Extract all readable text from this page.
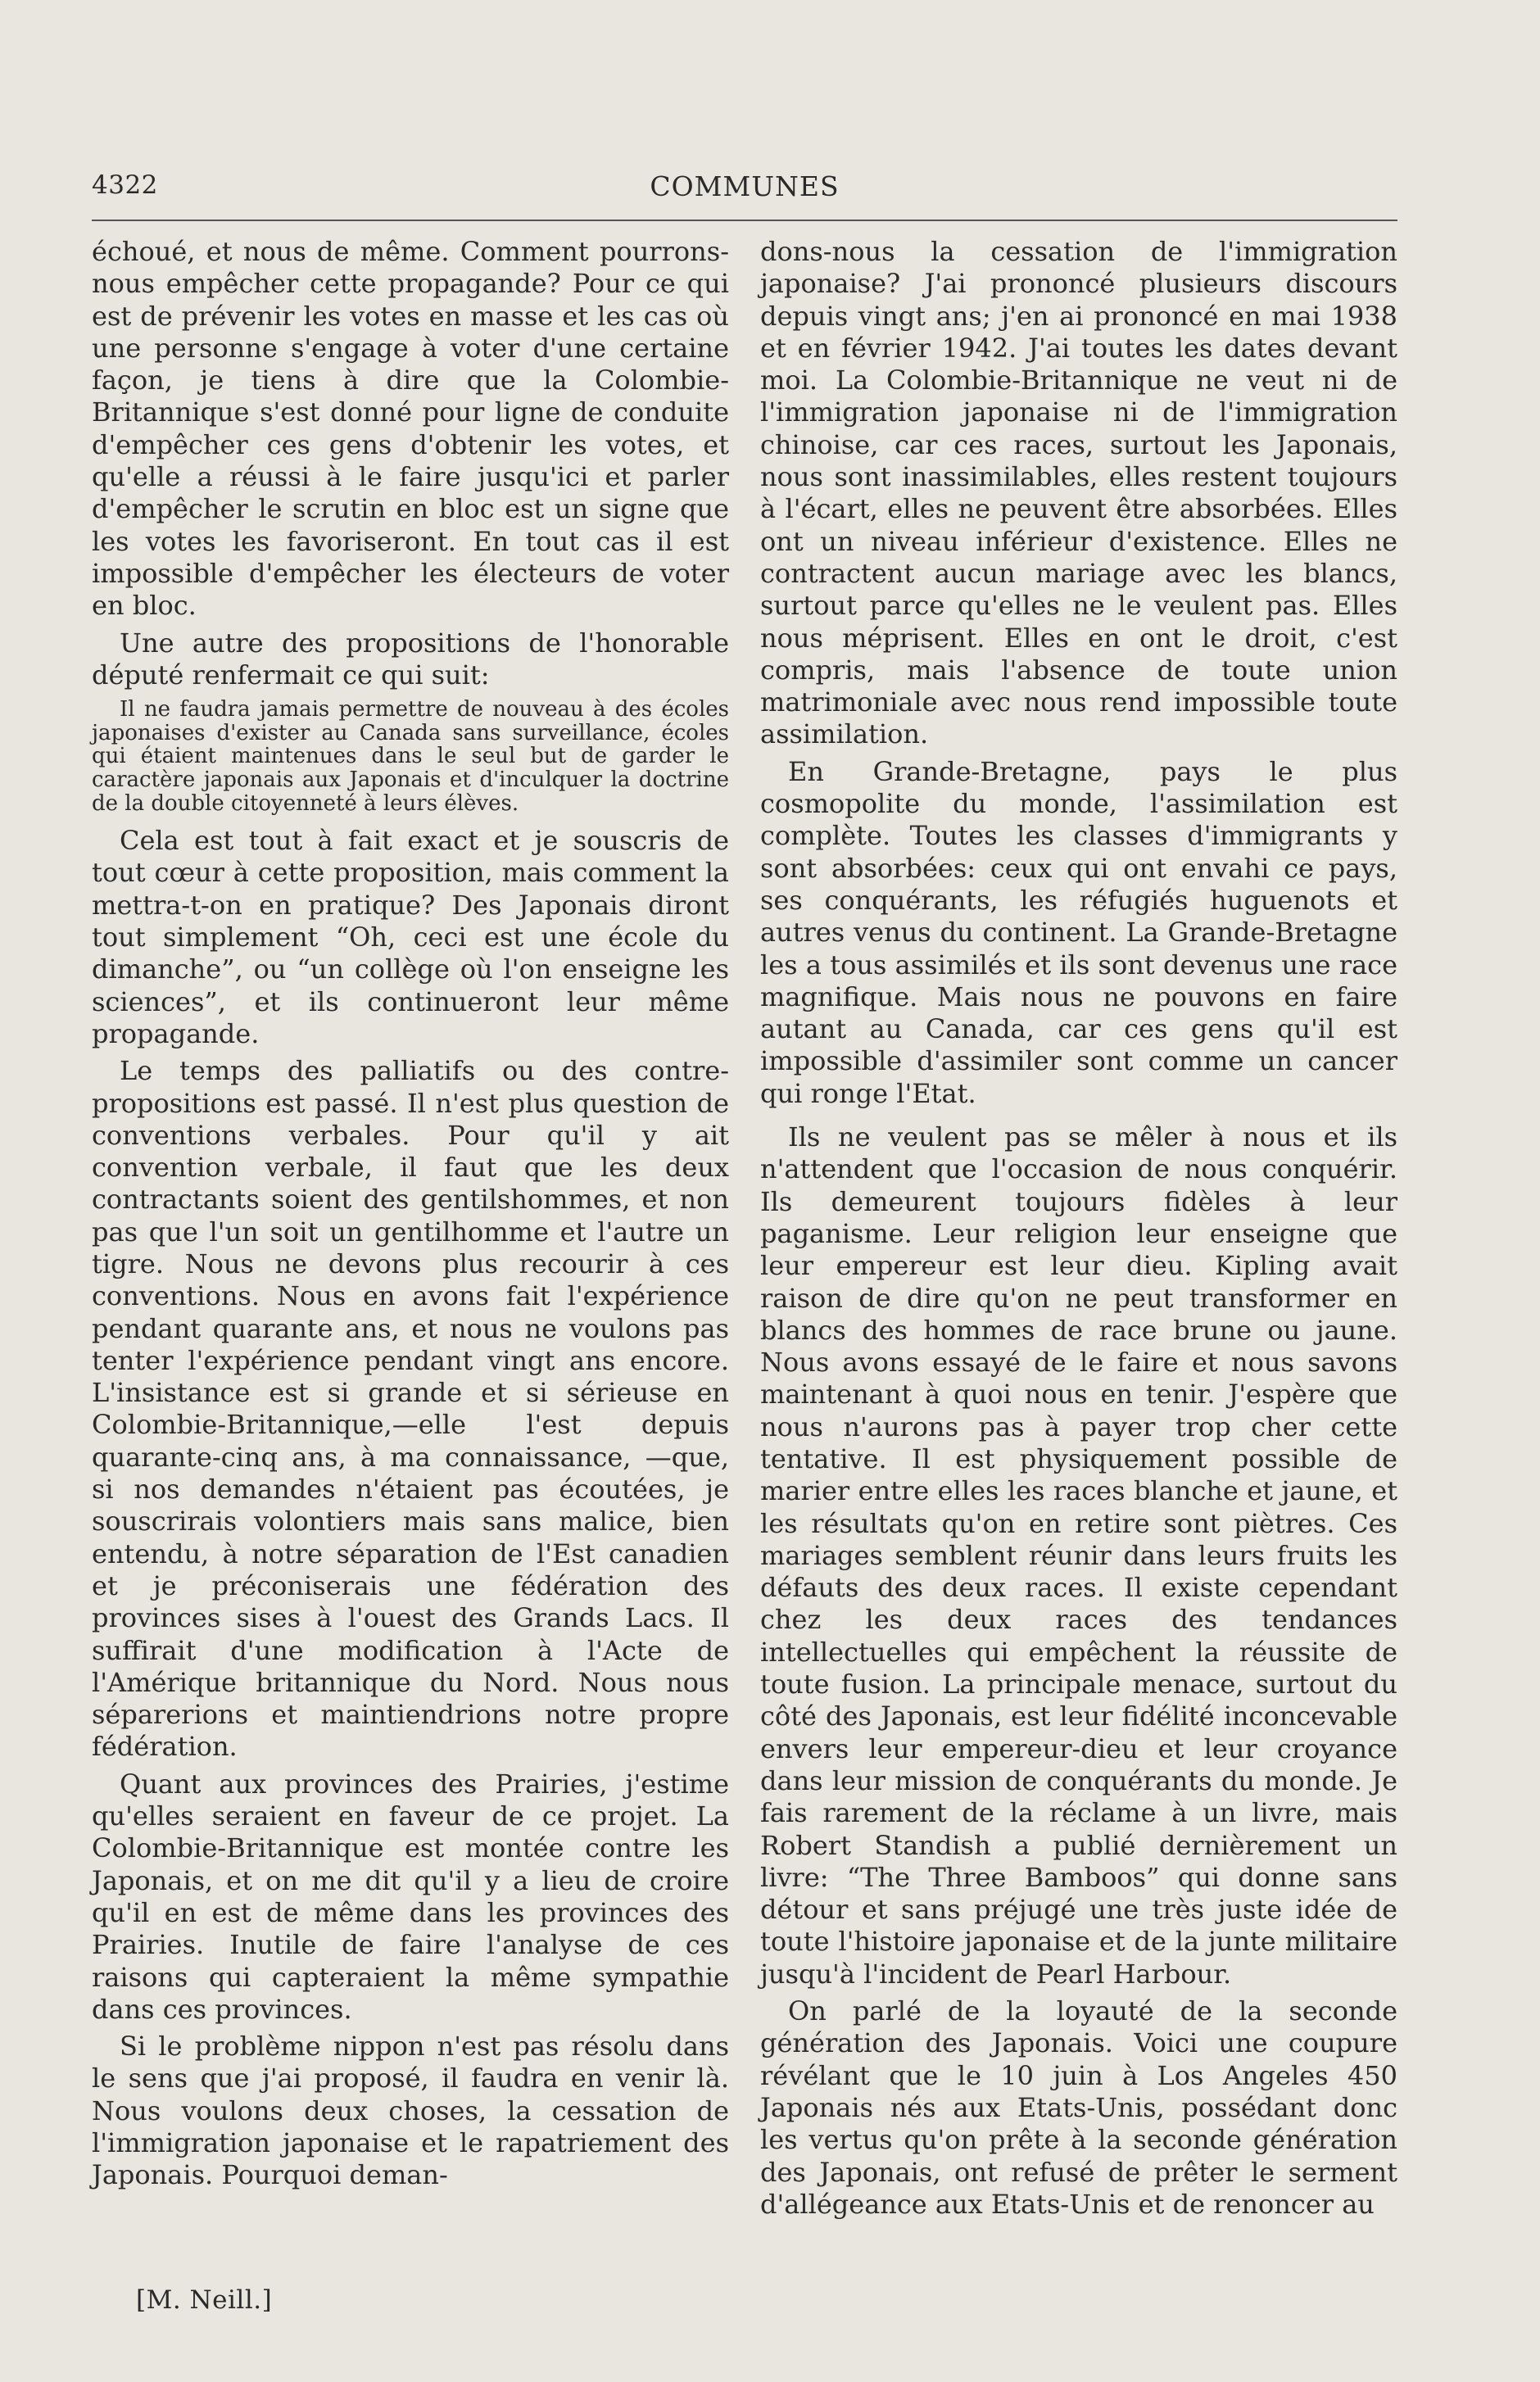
4322	COMMUNES

échoué, et nous de même. Comment pourrons-nous empêcher cette propagande? Pour ce qui est de prévenir les votes en masse et les cas où une personne s'engage à voter d'une certaine façon, je tiens à dire que la Colombie-Britannique s'est donné pour ligne de conduite d'empêcher ces gens d'obtenir les votes, et qu'elle a réussi à le faire jusqu'ici et parler d'empêcher le scrutin en bloc est un signe que les votes les favoriseront. En tout cas il est impossible d'empêcher les électeurs de voter en bloc.

Une autre des propositions de l'honorable député renfermait ce qui suit:

Il ne faudra jamais permettre de nouveau à des écoles japonaises d'exister au Canada sans surveillance, écoles qui étaient maintenues dans le seul but de garder le caractère japonais aux Japonais et d'inculquer la doctrine de la double citoyenneté à leurs élèves.

Cela est tout à fait exact et je souscris de tout cœur à cette proposition, mais comment la mettra-t-on en pratique? Des Japonais diront tout simplement “Oh, ceci est une école du dimanche”, ou “un collège où l'on enseigne les sciences”, et ils continueront leur même propagande.

Le temps des palliatifs ou des contre-propositions est passé. Il n'est plus question de conventions verbales. Pour qu'il y ait convention verbale, il faut que les deux contractants soient des gentilshommes, et non pas que l'un soit un gentilhomme et l'autre un tigre. Nous ne devons plus recourir à ces conventions. Nous en avons fait l'expérience pendant quarante ans, et nous ne voulons pas tenter l'expérience pendant vingt ans encore. L'insistance est si grande et si sérieuse en Colombie-Britannique,—elle l'est depuis quarante-cinq ans, à ma connaissance, —que, si nos demandes n'étaient pas écoutées, je souscrirais volontiers mais sans malice, bien entendu, à notre séparation de l'Est canadien et je préconiserais une fédération des provinces sises à l'ouest des Grands Lacs. Il suffirait d'une modification à l'Acte de l'Amérique britannique du Nord. Nous nous séparerions et maintiendrions notre propre fédération.

Quant aux provinces des Prairies, j'estime qu'elles seraient en faveur de ce projet. La Colombie-Britannique est montée contre les Japonais, et on me dit qu'il y a lieu de croire qu'il en est de même dans les provinces des Prairies. Inutile de faire l'analyse de ces raisons qui capteraient la même sympathie dans ces provinces.

Si le problème nippon n'est pas résolu dans le sens que j'ai proposé, il faudra en venir là. Nous voulons deux choses, la cessation de l'immigration japonaise et le rapatriement des Japonais. Pourquoi deman-

dons-nous la cessation de l'immigration japonaise? J'ai prononcé plusieurs discours depuis vingt ans; j'en ai prononcé en mai 1938 et en février 1942. J'ai toutes les dates devant moi. La Colombie-Britannique ne veut ni de l'immigration japonaise ni de l'immigration chinoise, car ces races, surtout les Japonais, nous sont inassimilables, elles restent toujours à l'écart, elles ne peuvent être absorbées. Elles ont un niveau inférieur d'existence. Elles ne contractent aucun mariage avec les blancs, surtout parce qu'elles ne le veulent pas. Elles nous méprisent. Elles en ont le droit, c'est compris, mais l'absence de toute union matrimoniale avec nous rend impossible toute assimilation.

En Grande-Bretagne, pays le plus cosmopolite du monde, l'assimilation est complète. Toutes les classes d'immigrants y sont absorbées: ceux qui ont envahi ce pays, ses conquérants, les réfugiés huguenots et autres venus du continent. La Grande-Bretagne les a tous assimilés et ils sont devenus une race magnifique. Mais nous ne pouvons en faire autant au Canada, car ces gens qu'il est impossible d'assimiler sont comme un cancer qui ronge l'Etat.

Ils ne veulent pas se mêler à nous et ils n'attendent que l'occasion de nous conquérir. Ils demeurent toujours fidèles à leur paganisme. Leur religion leur enseigne que leur empereur est leur dieu. Kipling avait raison de dire qu'on ne peut transformer en blancs des hommes de race brune ou jaune. Nous avons essayé de le faire et nous savons maintenant à quoi nous en tenir. J'espère que nous n'aurons pas à payer trop cher cette tentative. Il est physiquement possible de marier entre elles les races blanche et jaune, et les résultats qu'on en retire sont piètres. Ces mariages semblent réunir dans leurs fruits les défauts des deux races. Il existe cependant chez les deux races des tendances intellectuelles qui empêchent la réussite de toute fusion. La principale menace, surtout du côté des Japonais, est leur fidélité inconcevable envers leur empereur-dieu et leur croyance dans leur mission de conquérants du monde. Je fais rarement de la réclame à un livre, mais Robert Standish a publié dernièrement un livre: “The Three Bamboos” qui donne sans détour et sans préjugé une très juste idée de toute l'histoire japonaise et de la junte militaire jusqu'à l'incident de Pearl Harbour.

On parlé de la loyauté de la seconde génération des Japonais. Voici une coupure révélant que le 10 juin à Los Angeles 450 Japonais nés aux Etats-Unis, possédant donc les vertus qu'on prête à la seconde génération des Japonais, ont refusé de prêter le serment d'allégeance aux Etats-Unis et de renoncer au

[M. Neill.]
